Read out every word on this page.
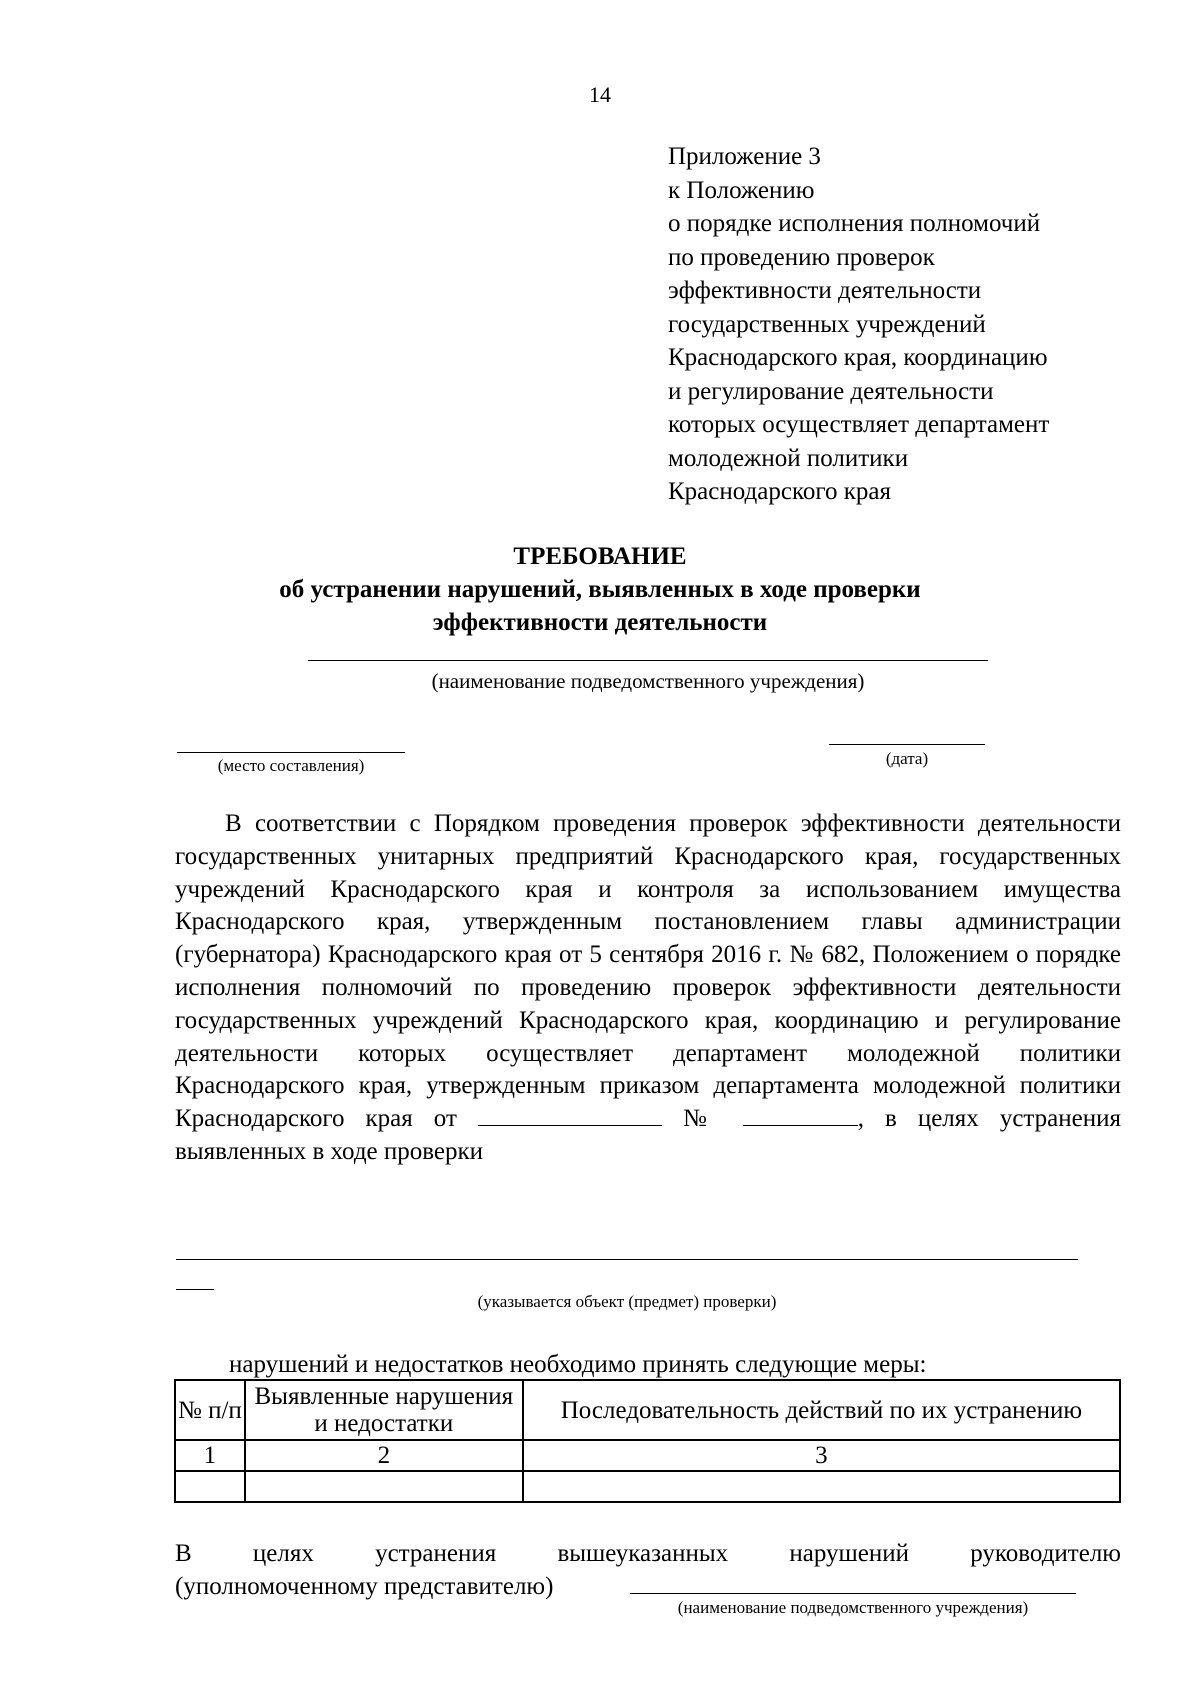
14
Приложение 3
к Положению
о порядке исполнения полномочий
по проведению проверок
эффективности деятельности
государственных учреждений
Краснодарского края, координацию
и регулирование деятельности
которых осуществляет департамент
молодежной политики
Краснодарского края
ТРЕБОВАНИЕ
об устранении нарушений, выявленных в ходе проверки
эффективности деятельности
(наименование подведомственного учреждения)
(место составления)	(дата)
В соответствии с Порядком проведения проверок эффективности деятельности государственных унитарных предприятий Краснодарского края, государственных учреждений Краснодарского края и контроля за использованием имущества Краснодарского края, утвержденным постановлением главы администрации (губернатора) Краснодарского края от 5 сентября 2016 г. № 682, Положением о порядке исполнения полномочий по проведению проверок эффективности деятельности государственных учреждений Краснодарского края, координацию и регулирование деятельности которых осуществляет департамент молодежной политики Краснодарского края, утвержденным приказом департамента молодежной политики Краснодарского края от	№	, в целях устранения выявленных в ходе проверки
(указывается объект (предмет) проверки)
нарушений и недостатков необходимо принять следующие меры:
№ п/п	Выявленные нарушения и недостатки	Последовательность действий по их устранению
1	2	3

В целях устранения вышеуказанных нарушений руководителю
(уполномоченному представителю)
(наименование подведомственного учреждения)
